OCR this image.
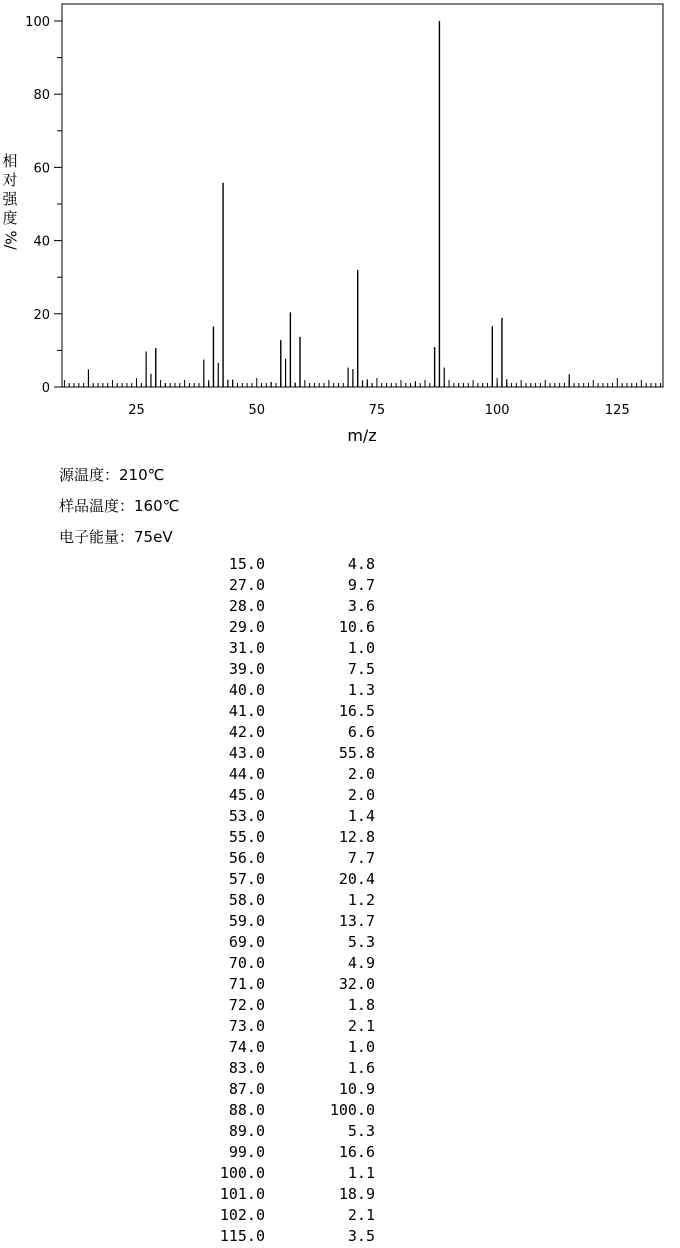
0
20
40
60
80
100
25	50	75	100	125
m/z
相
对
强
度
%/
源温度：210℃
样品温度：160℃
电子能量：75eV
15.0	4.8
27.0	9.7
28.0	3.6
29.0	10.6
31.0	1.0
39.0	7.5
40.0	1.3
41.0	16.5
42.0	6.6
43.0	55.8
44.0	2.0
45.0	2.0
53.0	1.4
55.0	12.8
56.0	7.7
57.0	20.4
58.0	1.2
59.0	13.7
69.0	5.3
70.0	4.9
71.0	32.0
72.0	1.8
73.0	2.1
74.0	1.0
83.0	1.6
87.0	10.9
88.0	100.0
89.0	5.3
99.0	16.6
100.0	1.1
101.0	18.9
102.0	2.1
115.0	3.5
